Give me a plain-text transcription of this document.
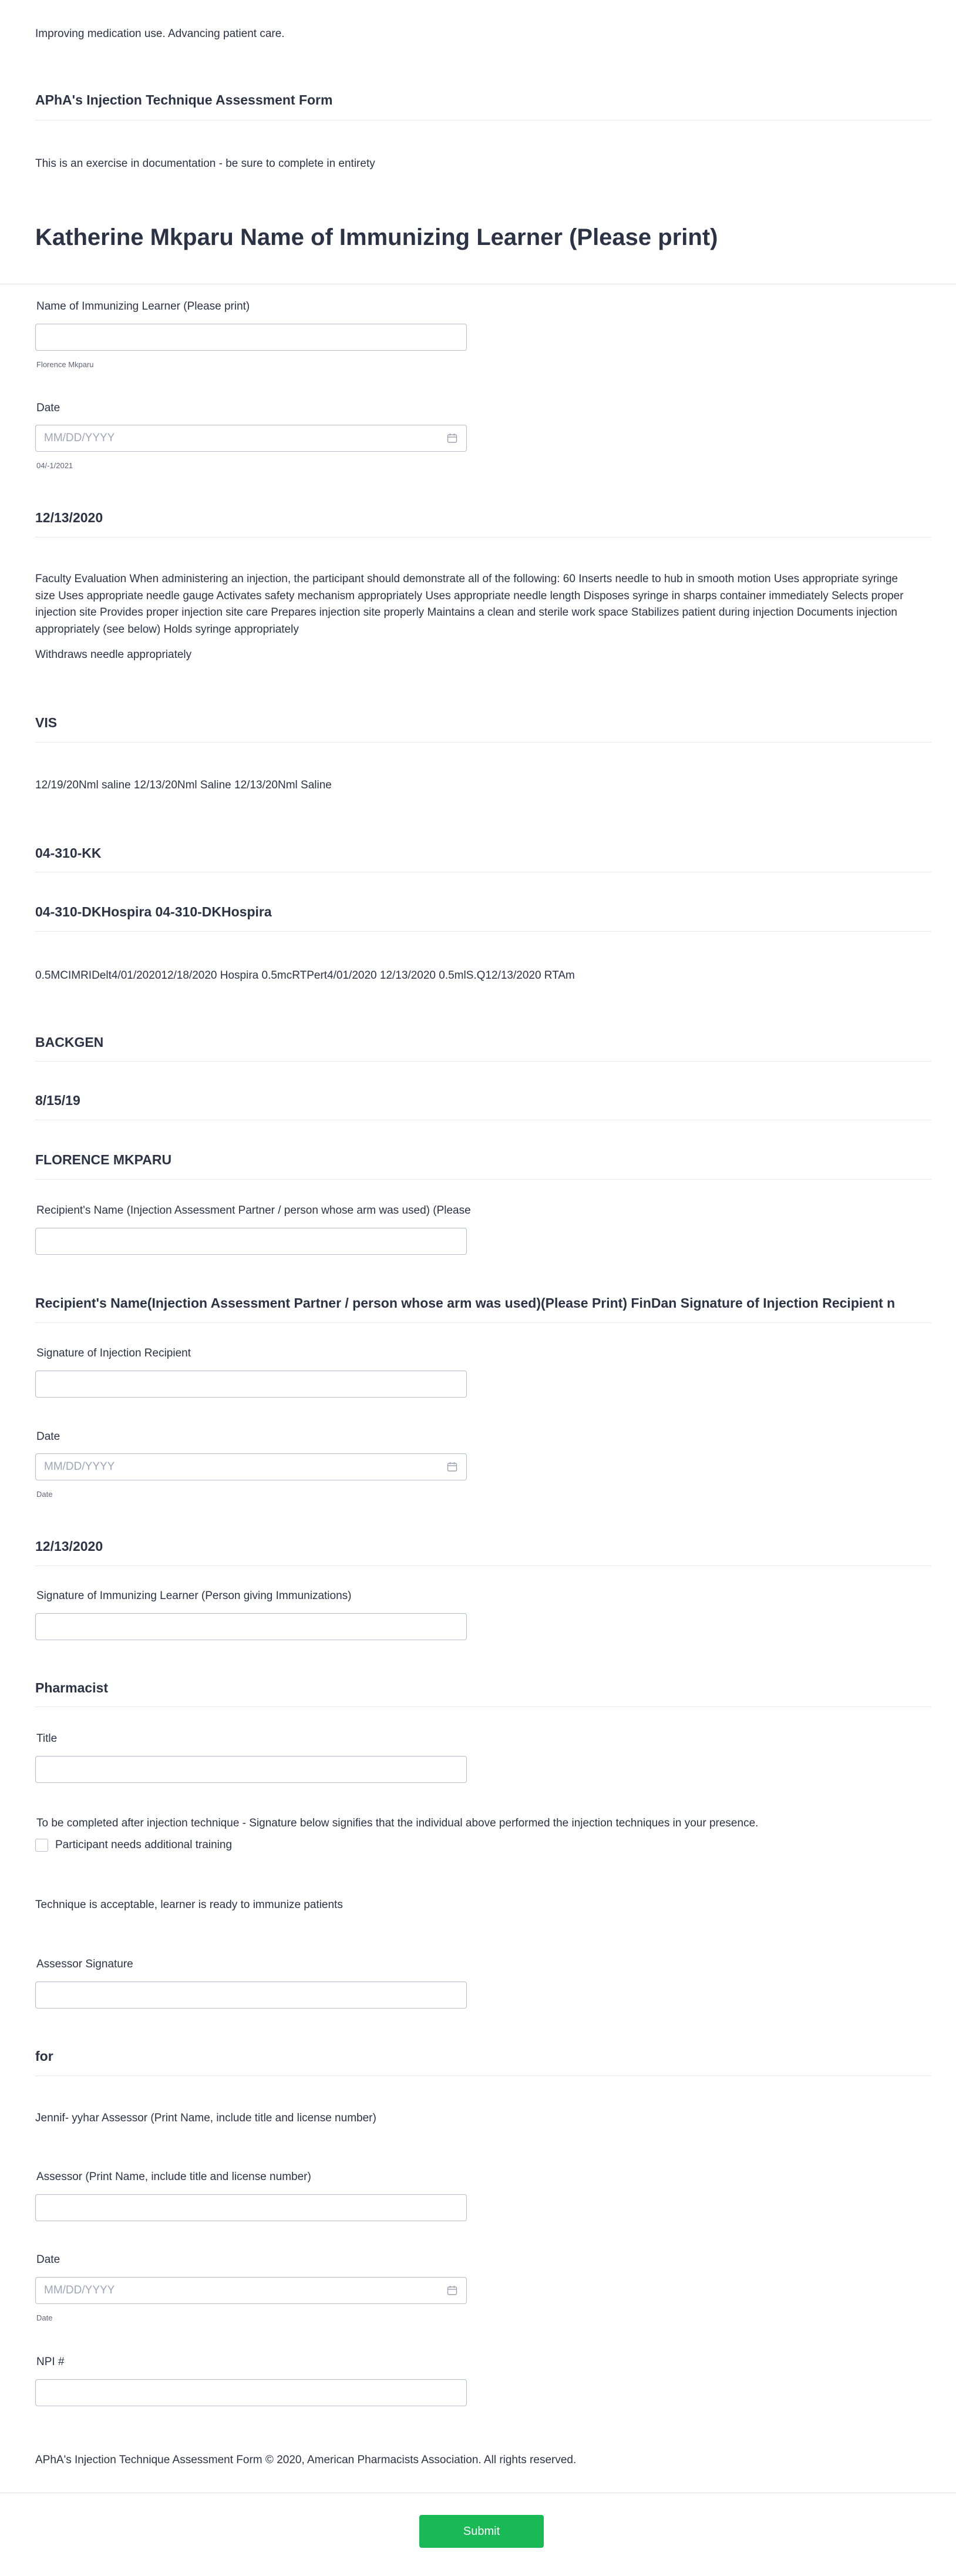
Improving medication use. Advancing patient care.
APhA's Injection Technique Assessment Form
This is an exercise in documentation - be sure to complete in entirety
Katherine Mkparu Name of Immunizing Learner (Please print)
Name of Immunizing Learner (Please print)
Florence Mkparu
Date
MM/DD/YYYY
04/-1/2021
12/13/2020
Faculty Evaluation When administering an injection, the participant should demonstrate all of the following: 60 Inserts needle to hub in smooth motion Uses appropriate syringe size Uses appropriate needle gauge Activates safety mechanism appropriately Uses appropriate needle length Disposes syringe in sharps container immediately Selects proper injection site Provides proper injection site care Prepares injection site properly Maintains a clean and sterile work space Stabilizes patient during injection Documents injection appropriately (see below) Holds syringe appropriately
Withdraws needle appropriately
VIS
12/19/20Nml saline 12/13/20Nml Saline 12/13/20Nml Saline
04-310-KK
04-310-DKHospira 04-310-DKHospira
0.5MCIMRIDelt4/01/202012/18/2020 Hospira 0.5mcRTPert4/01/2020 12/13/2020 0.5mlS.Q12/13/2020 RTAm
BACKGEN
8/15/19
FLORENCE MKPARU
Recipient's Name (Injection Assessment Partner / person whose arm was used) (Please
Recipient's Name(Injection Assessment Partner / person whose arm was used)(Please Print) FinDan Signature of Injection Recipient n
Signature of Injection Recipient
Date
MM/DD/YYYY
Date
12/13/2020
Signature of Immunizing Learner (Person giving Immunizations)
Pharmacist
Title
To be completed after injection technique - Signature below signifies that the individual above performed the injection techniques in your presence.
Participant needs additional training
Technique is acceptable, learner is ready to immunize patients
Assessor Signature
for
Jennif- yyhar Assessor (Print Name, include title and license number)
Assessor (Print Name, include title and license number)
Date
MM/DD/YYYY
Date
NPI #
APhA's Injection Technique Assessment Form © 2020, American Pharmacists Association. All rights reserved.
Submit
